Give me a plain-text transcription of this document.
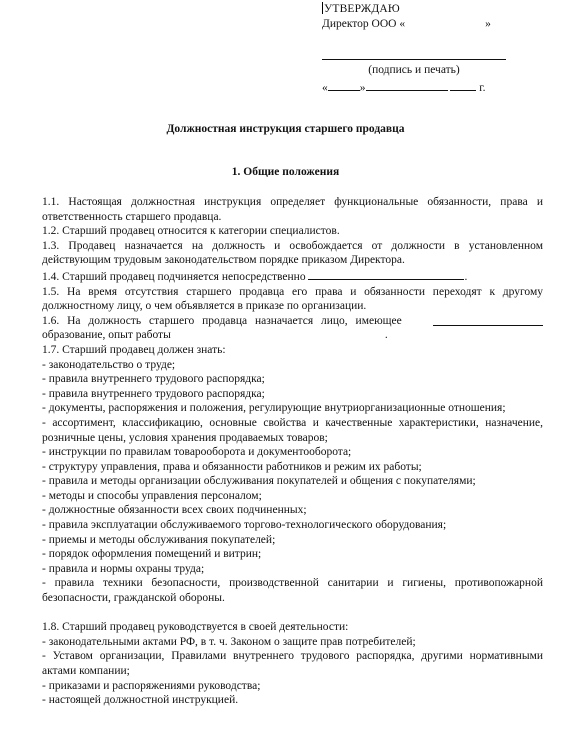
УТВЕРЖДАЮ
Директор ООО «	»
(подпись и печать)
«	»	г.
Должностная инструкция старшего продавца
1. Общие положения

1.1. Настоящая должностная инструкция определяет функциональные обязанности, права и ответственность старшего продавца.

1.2. Старший продавец относится к категории специалистов.

1.3. Продавец назначается на должность и освобождается от должности в установленном действующим трудовым законодательством порядке приказом Директора.

1.4. Старший продавец подчиняется непосредственно	.

1.5. На время отсутствия старшего продавца его права и обязанности переходят к другому должностному лицу, о чем объявляется в приказе по организации.

1.6. На должность старшего продавца назначается лицо, имеющее

образование, опыт работы	.

1.7. Старший продавец должен знать:

- законодательство о труде;

- правила внутреннего трудового распорядка;

- правила внутреннего трудового распорядка;

- документы, распоряжения и положения, регулирующие внутриорганизационные отношения;

- ассортимент, классификацию, основные свойства и качественные характеристики, назначение, розничные цены, условия хранения продаваемых товаров;

- инструкции по правилам товарооборота и документооборота;

- структуру управления, права и обязанности работников и режим их работы;

- правила и методы организации обслуживания покупателей и общения с покупателями;

- методы и способы управления персоналом;

- должностные обязанности всех своих подчиненных;

- правила эксплуатации обслуживаемого торгово-технологического оборудования;

- приемы и методы обслуживания покупателей;

- порядок оформления помещений и витрин;

- правила и нормы охраны труда;

- правила техники безопасности, производственной санитарии и гигиены, противопожарной безопасности, гражданской обороны.

1.8. Старший продавец руководствуется в своей деятельности:

- законодательными актами РФ, в т. ч. Законом о защите прав потребителей;

- Уставом организации, Правилами внутреннего трудового распорядка, другими нормативными актами компании;

- приказами и распоряжениями руководства;

- настоящей должностной инструкцией.
